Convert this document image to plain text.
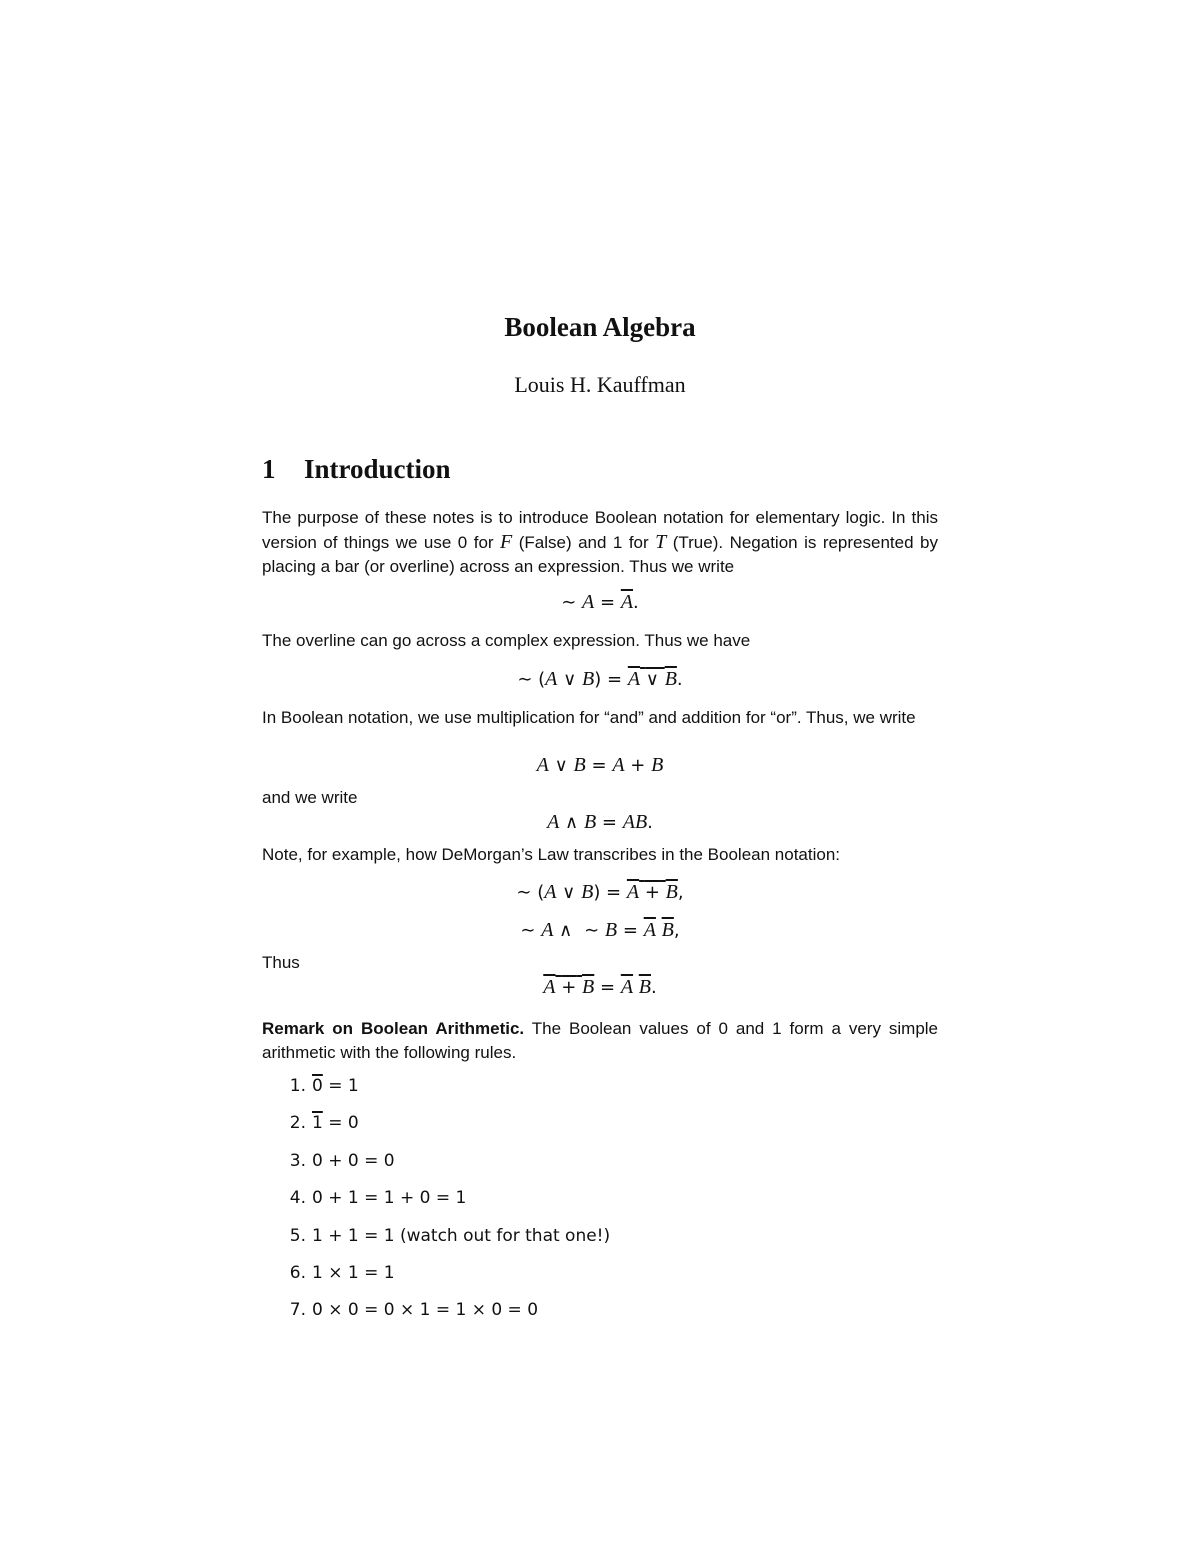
Boolean Algebra
Louis H. Kauffman
1 Introduction
The purpose of these notes is to introduce Boolean notation for elementary logic. In this version of things we use 0 for F (False) and 1 for T (True). Negation is represented by placing a bar (or overline) across an expression. Thus we write
∼ $A = \overline{A}$.
The overline can go across a complex expression. Thus we have
∼ (A ∨ B) = A ∨ B.
In Boolean notation, we use multiplication for “and” and addition for “or”. Thus, we write
A ∨ B = A + B
and we write
A ∧ B = AB.
Note, for example, how DeMorgan’s Law transcribes in the Boolean notation:
∼ (A ∨ B) = A + B,
∼ A ∧ ∼ $B = \overline{A}$ $\overline{B}$,
Thus
$A + B = \overline{A}$ $\overline{B}$.
Remark on Boolean Arithmetic. The Boolean values of 0 and 1 form a very simple arithmetic with the following rules.
1. 0 = 1
2. 1 = 0
3. 0 + 0 = 0
4. 0 + 1 = 1 + 0 = 1
5. 1 + 1 = 1 (watch out for that one!)
6. 1 × 1 = 1
7. 0 × 0 = 0 × 1 = 1 × 0 = 0
